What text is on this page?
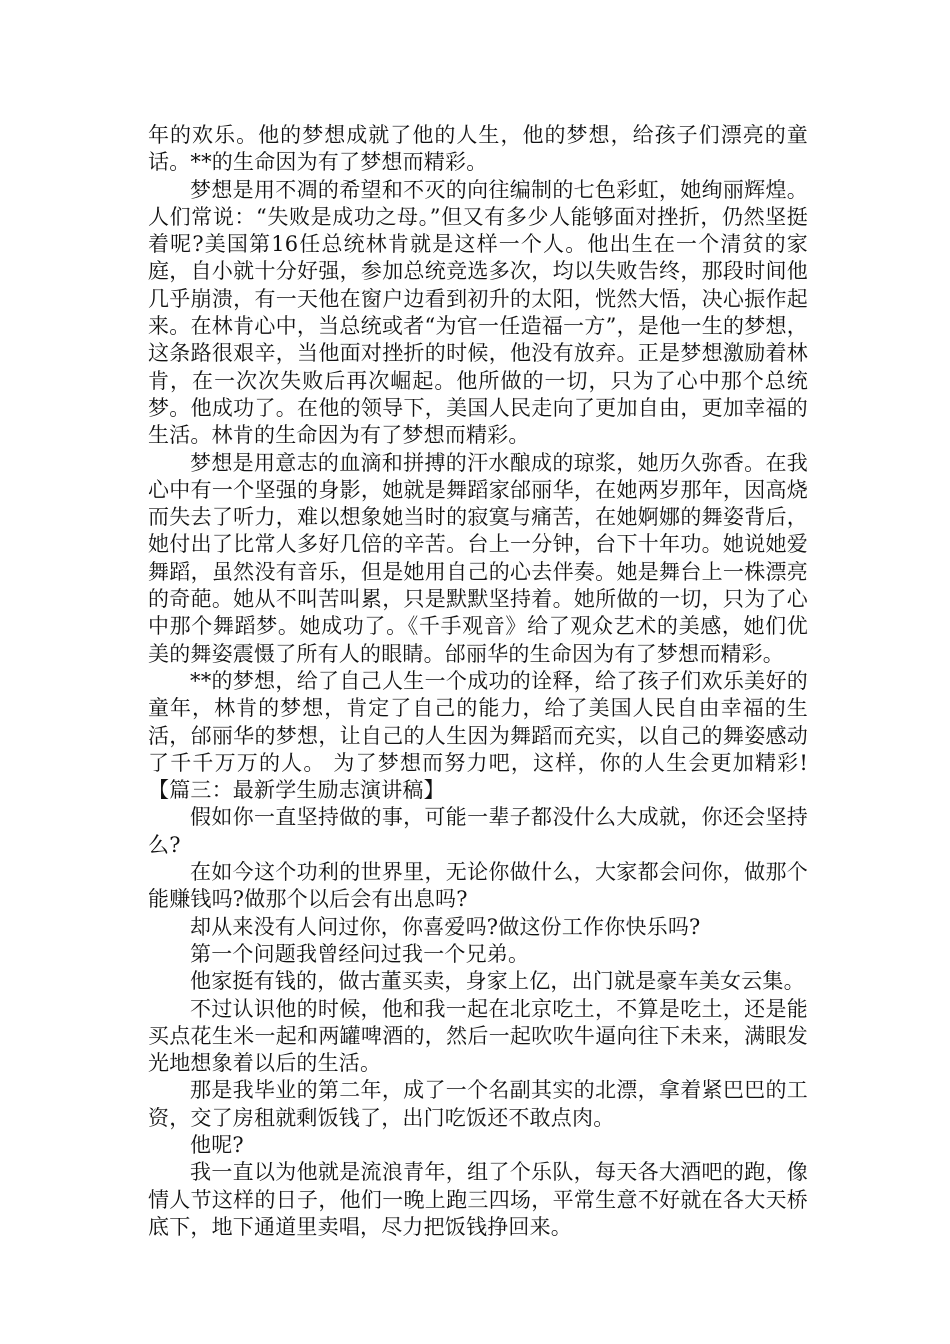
年的欢乐。他的梦想成就了他的人生，他的梦想，给孩子们漂亮的童话。**的生命因为有了梦想而精彩。

梦想是用不凋的希望和不灭的向往编制的七色彩虹，她绚丽辉煌。人们常说：“失败是成功之母。”但又有多少人能够面对挫折，仍然坚挺着呢?美国第16任总统林肯就是这样一个人。他出生在一个清贫的家庭，自小就十分好强，参加总统竞选多次，均以失败告终，那段时间他几乎崩溃，有一天他在窗户边看到初升的太阳，恍然大悟，决心振作起来。在林肯心中，当总统或者“为官一任造福一方”，是他一生的梦想，这条路很艰辛，当他面对挫折的时候，他没有放弃。正是梦想激励着林肯，在一次次失败后再次崛起。他所做的一切，只为了心中那个总统梦。他成功了。在他的领导下，美国人民走向了更加自由，更加幸福的生活。林肯的生命因为有了梦想而精彩。

梦想是用意志的血滴和拼搏的汗水酿成的琼浆，她历久弥香。在我心中有一个坚强的身影，她就是舞蹈家邰丽华，在她两岁那年，因高烧而失去了听力，难以想象她当时的寂寞与痛苦，在她婀娜的舞姿背后，她付出了比常人多好几倍的辛苦。台上一分钟，台下十年功。她说她爱舞蹈，虽然没有音乐，但是她用自己的心去伴奏。她是舞台上一株漂亮的奇葩。她从不叫苦叫累，只是默默坚持着。她所做的一切，只为了心中那个舞蹈梦。她成功了。《千手观音》给了观众艺术的美感，她们优美的舞姿震慑了所有人的眼睛。邰丽华的生命因为有了梦想而精彩。

**的梦想，给了自己人生一个成功的诠释，给了孩子们欢乐美好的童年，林肯的梦想，肯定了自己的能力，给了美国人民自由幸福的生活，邰丽华的梦想，让自己的人生因为舞蹈而充实，以自己的舞姿感动了千千万万的人。 为了梦想而努力吧，这样，你的人生会更加精彩!【篇三：最新学生励志演讲稿】

假如你一直坚持做的事，可能一辈子都没什么大成就，你还会坚持么?

在如今这个功利的世界里，无论你做什么，大家都会问你，做那个能赚钱吗?做那个以后会有出息吗?

却从来没有人问过你，你喜爱吗?做这份工作你快乐吗?

第一个问题我曾经问过我一个兄弟。

他家挺有钱的，做古董买卖，身家上亿，出门就是豪车美女云集。

不过认识他的时候，他和我一起在北京吃土，不算是吃土，还是能买点花生米一起和两罐啤酒的，然后一起吹吹牛逼向往下未来，满眼发光地想象着以后的生活。

那是我毕业的第二年，成了一个名副其实的北漂，拿着紧巴巴的工资，交了房租就剩饭钱了，出门吃饭还不敢点肉。

他呢?

我一直以为他就是流浪青年，组了个乐队，每天各大酒吧的跑，像情人节这样的日子，他们一晚上跑三四场，平常生意不好就在各大天桥底下，地下通道里卖唱，尽力把饭钱挣回来。
